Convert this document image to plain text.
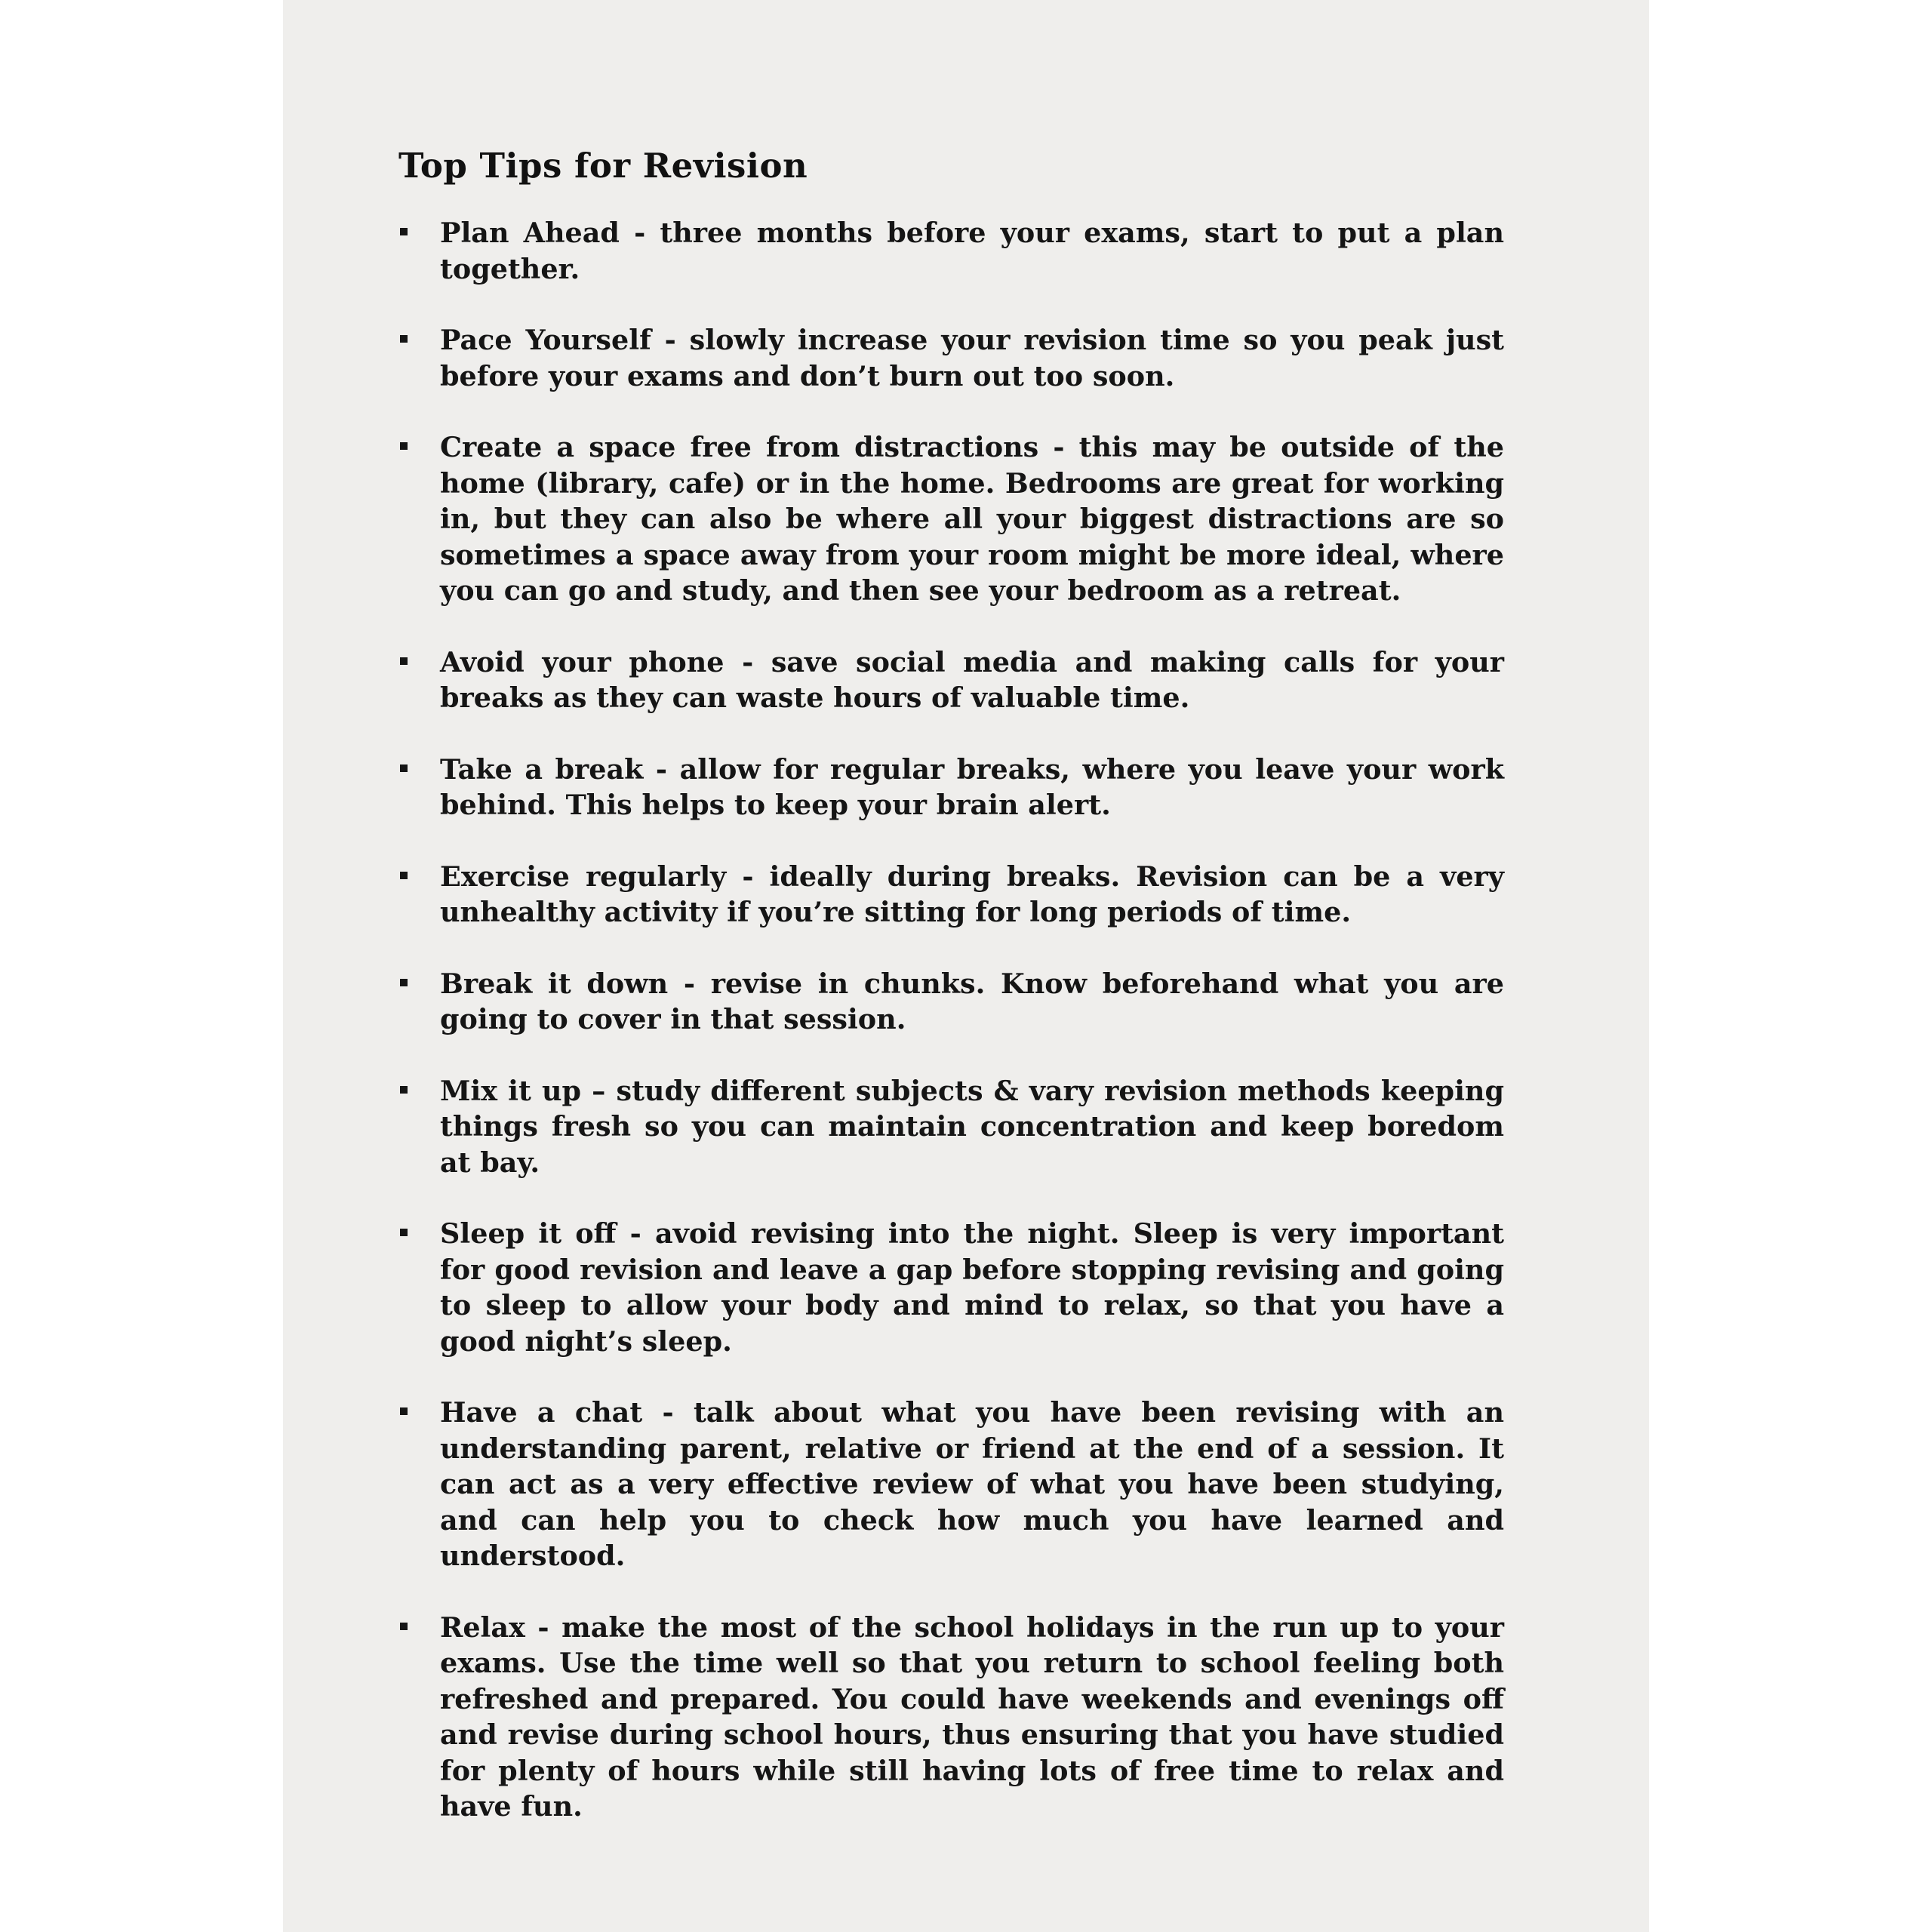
Top Tips for Revision
Plan Ahead - three months before your exams, start to put a plan together.
Pace Yourself - slowly increase your revision time so you peak just before your exams and don’t burn out too soon.
Create a space free from distractions - this may be outside of the home (library, cafe) or in the home. Bedrooms are great for working in, but they can also be where all your biggest distractions are so sometimes a space away from your room might be more ideal, where you can go and study, and then see your bedroom as a retreat.
Avoid your phone - save social media and making calls for your breaks as they can waste hours of valuable time.
Take a break - allow for regular breaks, where you leave your work behind. This helps to keep your brain alert.
Exercise regularly - ideally during breaks. Revision can be a very unhealthy activity if you’re sitting for long periods of time.
Break it down - revise in chunks. Know beforehand what you are going to cover in that session.
Mix it up – study different subjects & vary revision methods keeping things fresh so you can maintain concentration and keep boredom at bay.
Sleep it off - avoid revising into the night. Sleep is very important for good revision and leave a gap before stopping revising and going to sleep to allow your body and mind to relax, so that you have a good night’s sleep.
Have a chat - talk about what you have been revising with an understanding parent, relative or friend at the end of a session. It can act as a very effective review of what you have been studying, and can help you to check how much you have learned and understood.
Relax - make the most of the school holidays in the run up to your exams. Use the time well so that you return to school feeling both refreshed and prepared. You could have weekends and evenings off and revise during school hours, thus ensuring that you have studied for plenty of hours while still having lots of free time to relax and have fun.
